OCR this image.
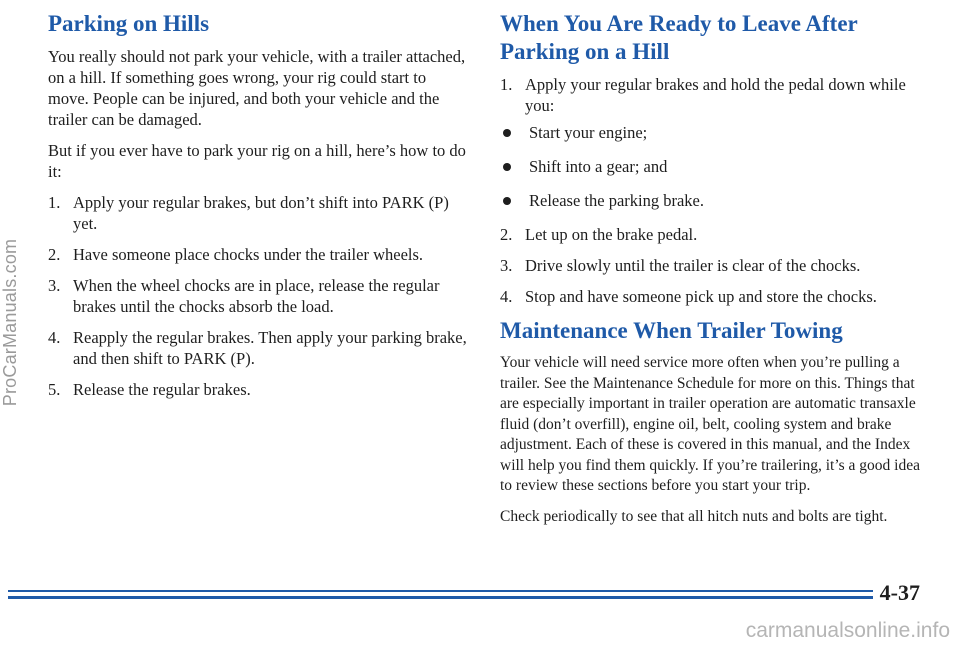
ProCarManuals.com
Parking on Hills

You really should not park your vehicle, with a trailer attached, on a hill. If something goes wrong, your rig could start to move. People can be injured, and both your vehicle and the trailer can be damaged.

But if you ever have to park your rig on a hill, here’s how to do it:

1. Apply your regular brakes, but don’t shift into PARK (P) yet.
2. Have someone place chocks under the trailer wheels.
3. When the wheel chocks are in place, release the regular brakes until the chocks absorb the load.
4. Reapply the regular brakes. Then apply your parking brake, and then shift to PARK (P).
5. Release the regular brakes.
When You Are Ready to Leave After Parking on a Hill
1. Apply your regular brakes and hold the pedal down while you:
Start your engine;
Shift into a gear; and
Release the parking brake.
2. Let up on the brake pedal.
3. Drive slowly until the trailer is clear of the chocks.
4. Stop and have someone pick up and store the chocks.
Maintenance When Trailer Towing

Your vehicle will need service more often when you’re pulling a trailer. See the Maintenance Schedule for more on this. Things that are especially important in trailer operation are automatic transaxle fluid (don’t overfill), engine oil, belt, cooling system and brake adjustment. Each of these is covered in this manual, and the Index will help you find them quickly. If you’re trailering, it’s a good idea to review these sections before you start your trip.

Check periodically to see that all hitch nuts and bolts are tight.

4-37
carmanualsonline.info
